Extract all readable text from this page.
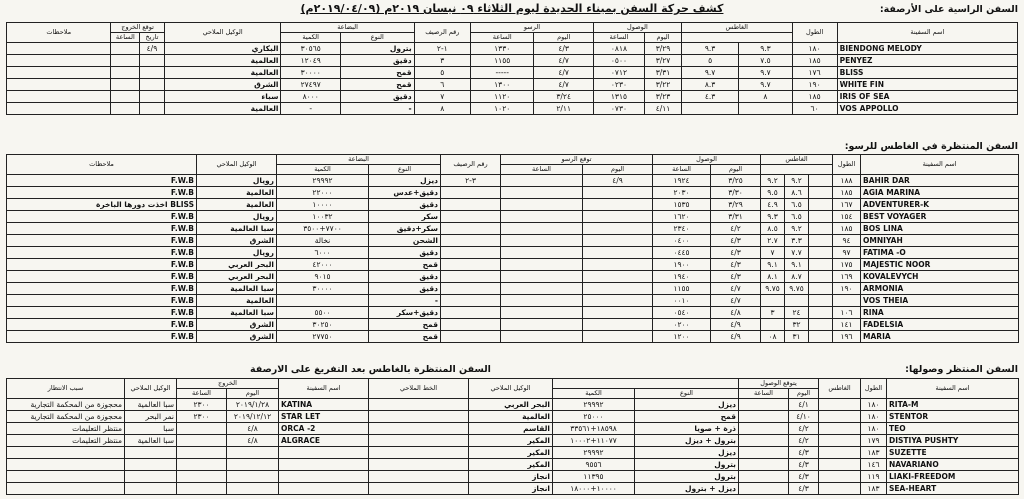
كشف حركة السفن بميناء الحديدة ليوم الثلاثاء ٠٩ نيسان ٢٠١٩م (٢٠١٩/٠٤/٠٩م)	السفن الراسية على الأرصفة:
ملاحظات	توقع الخروج		الوكيل الملاحي	البضاعة		رقم الرصيف	الرسو		الوصول		الغاطس		الطول	اسم السفينة
	الساعة	تاريخ		الكمية	النوع		الساعة	اليوم	الساعة	اليوم				
		٤/٩	البكاري	٣٠٥٦٥	بترول	١-٢	١٣٣٠	٤/٣	٠٨١٨	٣/٢٩	٩.٣	٩.٣	١٨٠	BIENDONG MELODY
			العالمية	١٢٠٤٩	دقيق	٣	١١٥٥	٤/٧	٠٥٠٠	٣/٢٧	٥	٧.٥	١٨٥	PENYEZ
			العالمية	٣٠٠٠٠	قمح	٥	-----	٤/٧	٠٧١٢	٣/٣١	٩.٧	٩.٧	١٧٦	BLISS
			الشرق	٢٧٤٩٧	قمح	٦	١٣٠٠	٤/٧	٠٢٣٠	٣/٢٢	٨.٣	٩.٧	١٩٠	WHITE FIN
			سباء	٨٠٠٠	دقيق	٧	١١٢٠	٣/٢٤	١٣١٥	٣/٢٣	٤.٣	٨	١٨٥	IRIS OF SEA
			العالمية	-	-	٨	١٠٢٠	٢/١١	٠٧٣٠	٤/١١			٦٠	VOS APPOLLO
السفن المنتظرة في الغاطس للرسو:
ملاحظات	الوكيل الملاحي	البضاعة		رقم الرصيف	توقع الرسو		الوصول		الغاطس			الطول	اسم السفينة
		الكمية	النوع		الساعة	اليوم	الساعة	اليوم					
F.W.B	رويال	٢٩٩٩٢	ديزل	٣-٢		٤/٩	١٩٢٤	٣/٢٥	٩.٢	٩.٢		١٨٨	BAHIR DAR
F.W.B	العالمية	٢٢٠٠٠	دقيق+عدس				٢٠٣٠	٣/٣٠	٩.٥	٨.٦		١٨٥	AGIA MARINA
اخذت دورها الباخرة BLISS	العالمية	١٠٠٠٠	دقيق				١٥٣٥	٣/٢٩	٤.٩	٦.٥		١٦٧	ADVENTURER-K
F.W.B	رويال	١٠٠٣٢	سكر				١٦٢٠	٣/٣١	٩.٣	٦.٥		١٥٤	BEST VOYAGER
F.W.B	سبا العالمية	٧٧٠٠+٣٥٠٠	سكر+دقيق				٢٣٤٠	٤/٢	٨.٥	٩.٢		١٨٥	BOS LINA
F.W.B	الشرق	نخالة	الشحن				٠٤٠٠	٤/٣	٢.٧	٣.٣		٩٤	OMNIYAH
F.W.B	رويال	٦٠٠٠	دقيق				٠٤٤٥	٤/٣	٧	٧.٧		٩٧	FATIMA -O
F.W.B	البحر العربي	٤٢٠٠٠	قمح				١٩٠٠	٤/٣	٩.١	٩.١		١٧٥	MAJESTIC NOOR
F.W.B	البحر العربي	٩٠١٥	دقيق				١٩٤٠	٤/٣	٨.١	٨.٧		١٦٩	KOVALEVYCH
F.W.B	سبا العالمية	٣٠٠٠٠	دقيق				١١٥٥	٤/٧	٩.٧٥	٩.٧٥		١٩٠	ARMONIA
F.W.B	العالمية		-				٠٠١٠	٤/٧					VOS THEIA
F.W.B	سبا العالمية	٥٥٠٠	دقيق+سكر				٠٥٤٠	٤/٨	٣	٢٤		١٠٦	RINA
F.W.B	الشرق	٣٠٢٥٠	قمح				٠٢٠٠	٤/٩		٣٢		١٤١	FADELSIA
F.W.B	الشرق	٢٧٧٥٠	قمح				١٢٠٠	٤/٩	٠٨	٣١		١٩٦	MARIA
السفن المنتظرة بالغاطس بعد التفريغ على الارصفة	السفن المنتظر وصولها:
سبب الانتظار	الوكيل الملاحي	الخروج		اسم السفينة	الخط الملاحي	الوكيل الملاحي			يتوقع الوصول		الغاطس	الطول	اسم السفينة
		الساعة	اليوم				الكمية	النوع	الساعة	اليوم			
محجوزة من المحكمة التجارية	سبا العالمية	٢٣٠٠	٢٠١٩/١/٢٨	KATINA		البحر العربي	٢٩٩٩٢	ديزل		٤/١		١٨٠	RITA-M
محجوزة من المحكمة التجارية	نمر البحر	٢٣٠٠	٢٠١٩/١٢/١٢	STAR LET		العالمية	٢٥٠٠٠	قمح		٤/١٠		١٨٠	STENTOR
منتظر التعليمات	سبا		٤/٨	ORCA -2		القاسم	١٨٥٩٨+٣٣٥٦١	ذرة + صويا		٤/٢		١٨٠	TEO
منتظر التعليمات	سبا العالمية		٤/٨	ALGRACE		المكير	١١٠٧٧+١٠٠٠٢	بترول + ديزل		٤/٢		١٧٩	DISTIYA PUSHTY
						المكير	٢٩٩٩٢	ديزل		٤/٣		١٨٣	SUZETTE
						المكير	٩٥٥٦	بترول		٤/٣		١٤٦	NAVARIANO
						انجاز	١١٣٩٥	بترول		٤/٣		١١٩	LIAKI-FREEDOM
						انجاز	١٠٠٠٠+١٨٠٠٠	ديزل + بترول		٤/٣		١٨٣	SEA-HEART
